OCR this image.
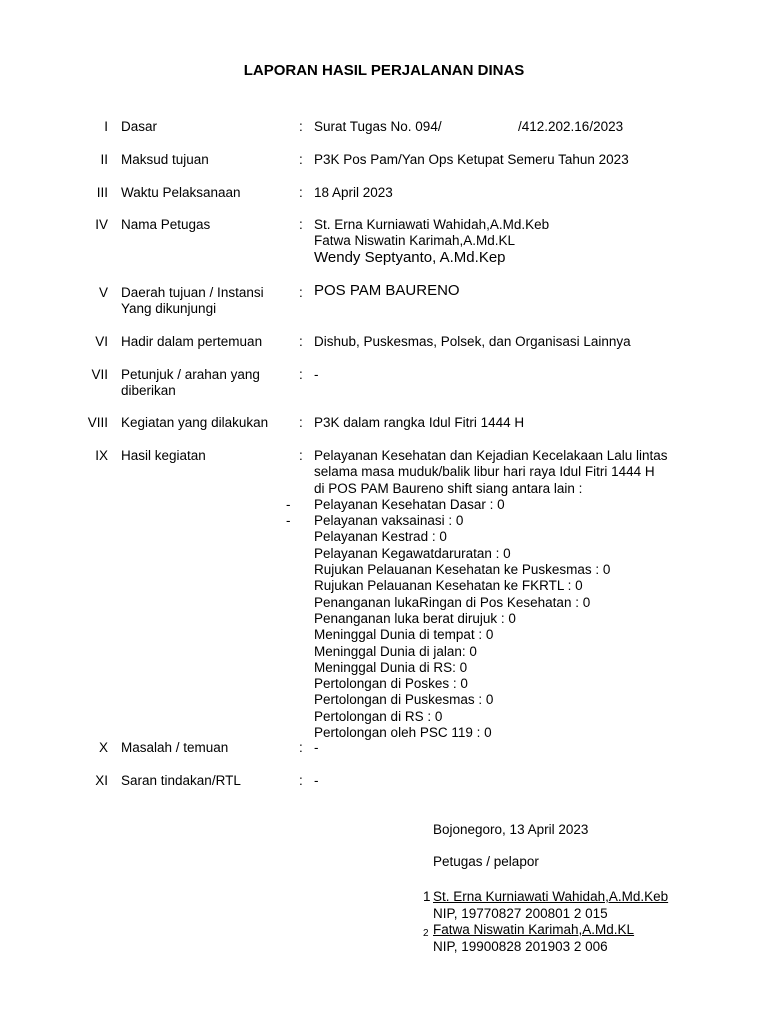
LAPORAN HASIL PERJALANAN DINAS
I Dasar	: Surat Tugas No. 094/	/412.202.16/2023
II Maksud tujuan	: P3K Pos Pam/Yan Ops Ketupat Semeru Tahun 2023
III Waktu Pelaksanaan	: 18 April 2023
IV Nama Petugas	: St. Erna Kurniawati Wahidah,A.Md.Keb
Fatwa Niswatin Karimah,A.Md.KL
Wendy Septyanto, A.Md.Kep
V Daerah tujuan / Instansi
Yang dikunjungi
: POS PAM BAURENO
VI Hadir dalam pertemuan	: Dishub, Puskesmas, Polsek, dan Organisasi Lainnya
VII Petunjuk / arahan yang
diberikan
: -
VIII Kegiatan yang dilakukan	: P3K dalam rangka Idul Fitri 1444 H
IX Hasil kegiatan	:
-
-
Pelayanan Kesehatan dan Kejadian Kecelakaan Lalu lintas
selama masa muduk/balik libur hari raya Idul Fitri 1444 H
di POS PAM Baureno shift siang antara lain :
Pelayanan Kesehatan Dasar : 0
Pelayanan vaksainasi : 0
Pelayanan Kestrad : 0
Pelayanan Kegawatdaruratan : 0
Rujukan Pelauanan Kesehatan ke Puskesmas : 0
Rujukan Pelauanan Kesehatan ke FKRTL : 0
Penanganan lukaRingan di Pos Kesehatan : 0
Penanganan luka berat dirujuk : 0
Meninggal Dunia di tempat : 0
Meninggal Dunia di jalan: 0
Meninggal Dunia di RS: 0
Pertolongan di Poskes : 0
Pertolongan di Puskesmas : 0
Pertolongan di RS : 0
Pertolongan oleh PSC 119 : 0
X Masalah / temuan	: -
XI Saran tindakan/RTL	: -
Bojonegoro, 13 April 2023
Petugas / pelapor
1 St. Erna Kurniawati Wahidah,A.Md.Keb
NIP, 19770827 200801 2 015
2 Fatwa Niswatin Karimah,A.Md.KL
NIP, 19900828 201903 2 006
